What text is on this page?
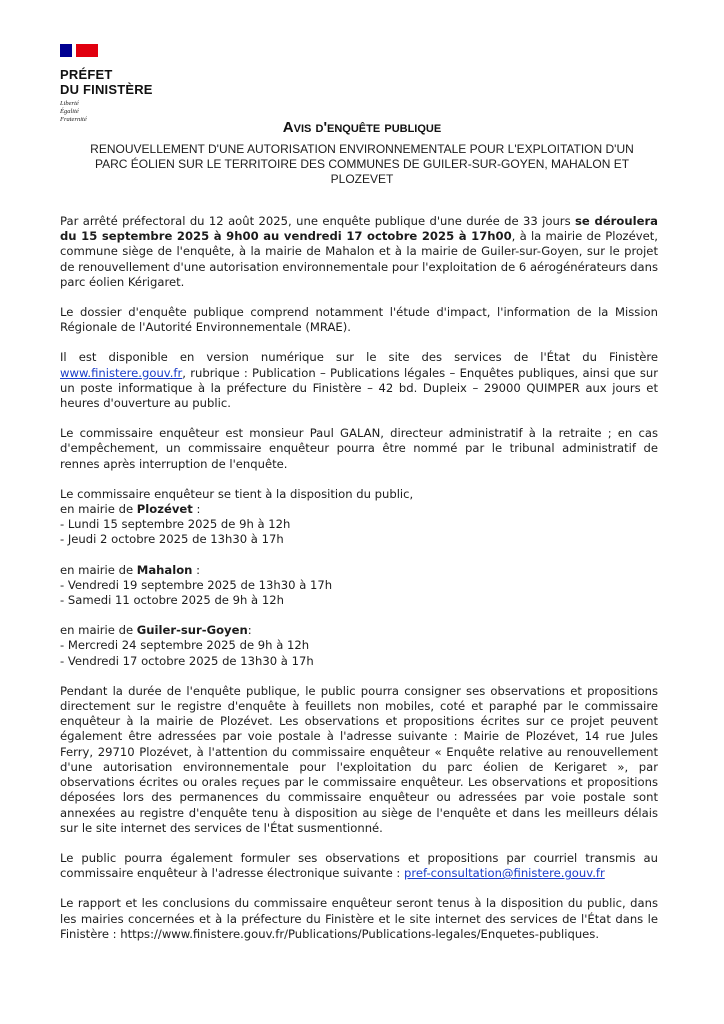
PRÉFET
DU FINISTÈRE
Liberté
Égalité
Fraternité	Avis d'enquête publique
RENOUVELLEMENT D'UNE AUTORISATION ENVIRONNEMENTALE POUR L'EXPLOITATION D'UN PARC ÉOLIEN SUR LE TERRITOIRE DES COMMUNES DE GUILER-SUR-GOYEN, MAHALON ET PLOZEVET

Par arrêté préfectoral du 12 août 2025, une enquête publique d'une durée de 33 jours se déroulera du 15 septembre 2025 à 9h00 au vendredi 17 octobre 2025 à 17h00, à la mairie de Plozévet, commune siège de l'enquête, à la mairie de Mahalon et à la mairie de Guiler-sur-Goyen, sur le projet de renouvellement d'une autorisation environnementale pour l'exploitation de 6 aérogénérateurs dans parc éolien Kérigaret.

Le dossier d'enquête publique comprend notamment l'étude d'impact, l'information de la Mission Régionale de l'Autorité Environnementale (MRAE).

Il est disponible en version numérique sur le site des services de l'État du Finistère www.finistere.gouv.fr, rubrique : Publication – Publications légales – Enquêtes publiques, ainsi que sur un poste informatique à la préfecture du Finistère – 42 bd. Dupleix – 29000 QUIMPER aux jours et heures d'ouverture au public.

Le commissaire enquêteur est monsieur Paul GALAN, directeur administratif à la retraite ; en cas d'empêchement, un commissaire enquêteur pourra être nommé par le tribunal administratif de rennes après interruption de l'enquête.

Le commissaire enquêteur se tient à la disposition du public,

en mairie de Plozévet :

- Lundi 15 septembre 2025 de 9h à 12h

- Jeudi 2 octobre 2025 de 13h30 à 17h

en mairie de Mahalon :

- Vendredi 19 septembre 2025 de 13h30 à 17h

- Samedi 11 octobre 2025 de 9h à 12h

en mairie de Guiler-sur-Goyen:

- Mercredi 24 septembre 2025 de 9h à 12h

- Vendredi 17 octobre 2025 de 13h30 à 17h

Pendant la durée de l'enquête publique, le public pourra consigner ses observations et propositions directement sur le registre d'enquête à feuillets non mobiles, coté et paraphé par le commissaire enquêteur à la mairie de Plozévet. Les observations et propositions écrites sur ce projet peuvent également être adressées par voie postale à l'adresse suivante : Mairie de Plozévet, 14 rue Jules Ferry, 29710 Plozévet, à l'attention du commissaire enquêteur « Enquête relative au renouvellement d'une autorisation environnementale pour l'exploitation du parc éolien de Kerigaret », par observations écrites ou orales reçues par le commissaire enquêteur. Les observations et propositions déposées lors des permanences du commissaire enquêteur ou adressées par voie postale sont annexées au registre d'enquête tenu à disposition au siège de l'enquête et dans les meilleurs délais sur le site internet des services de l'État susmentionné.

Le public pourra également formuler ses observations et propositions par courriel transmis au commissaire enquêteur à l'adresse électronique suivante : pref-consultation@finistere.gouv.fr

Le rapport et les conclusions du commissaire enquêteur seront tenus à la disposition du public, dans les mairies concernées et à la préfecture du Finistère et le site internet des services de l'État dans le Finistère : https://www.finistere.gouv.fr/Publications/Publications-legales/Enquetes-publiques.
